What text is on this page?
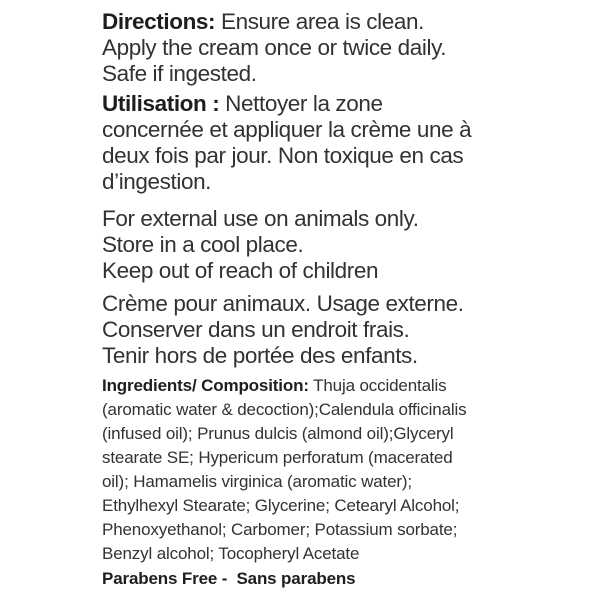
Directions: Ensure area is clean.
Apply the cream once or twice daily.
Safe if ingested.

Utilisation : Nettoyer la zone
concernée et appliquer la crème une à
deux fois par jour. Non toxique en cas
d’ingestion.

For external use on animals only.
Store in a cool place.
Keep out of reach of children

Crème pour animaux. Usage externe.
Conserver dans un endroit frais.
Tenir hors de portée des enfants.

Ingredients/ Composition: Thuja occidentalis
(aromatic water & decoction);Calendula officinalis
(infused oil); Prunus dulcis (almond oil);Glyceryl
stearate SE; Hypericum perforatum (macerated
oil); Hamamelis virginica (aromatic water);
Ethylhexyl Stearate; Glycerine; Cetearyl Alcohol;
Phenoxyethanol; Carbomer; Potassium sorbate;
Benzyl alcohol; Tocopheryl Acetate

Parabens Free -  Sans parabens
